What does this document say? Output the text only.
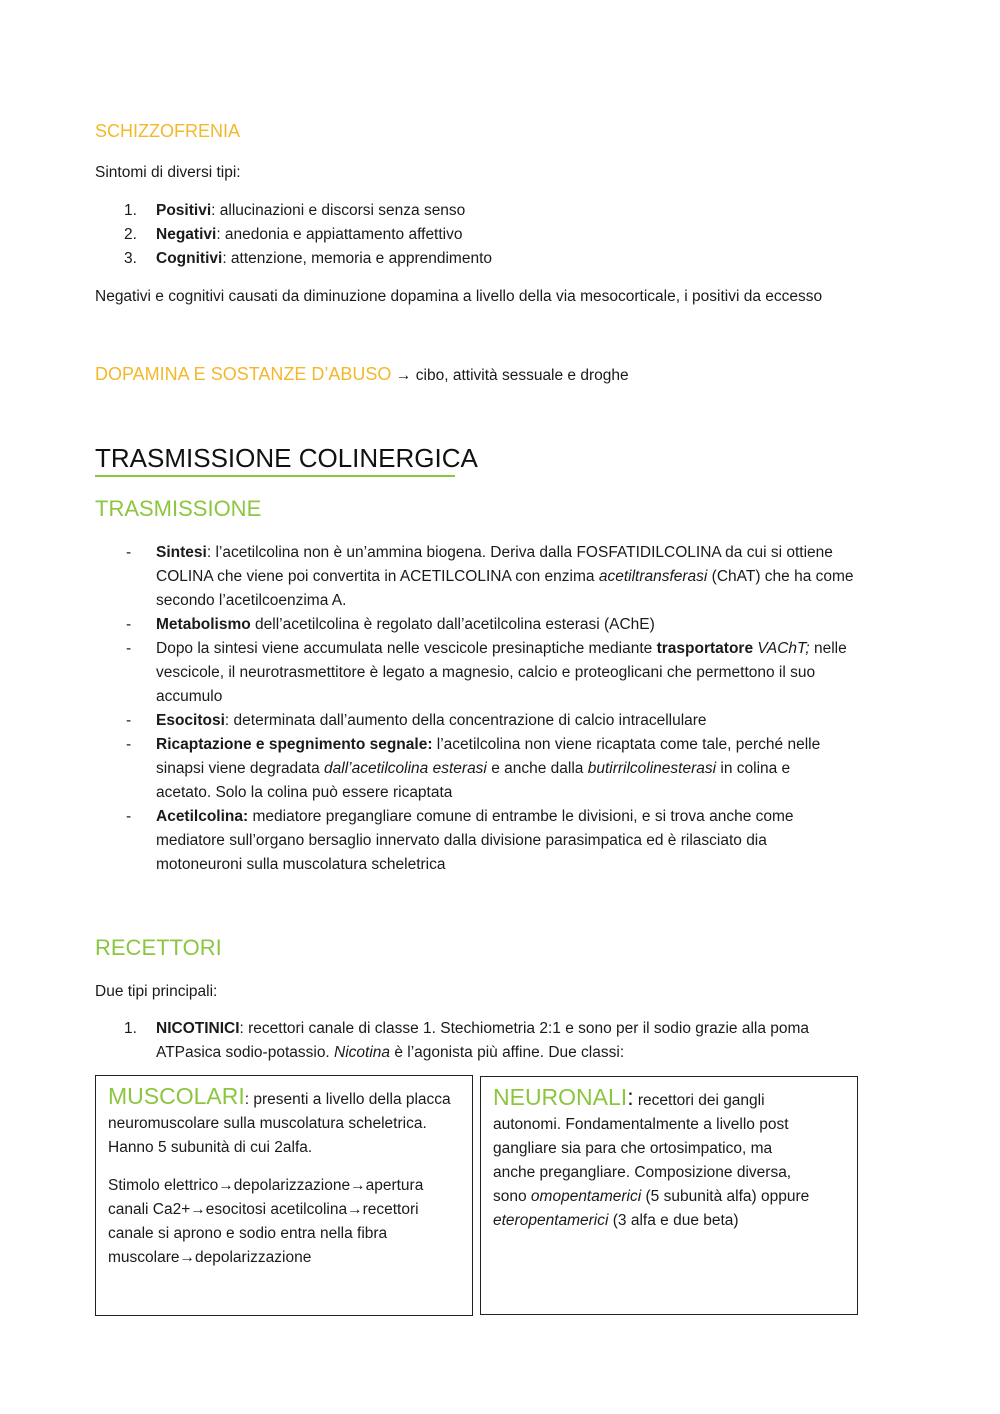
SCHIZZOFRENIA
Sintomi di diversi tipi:
1.	Positivi: allucinazioni e discorsi senza senso
2.	Negativi: anedonia e appiattamento affettivo
3.	Cognitivi: attenzione, memoria e apprendimento
Negativi e cognitivi causati da diminuzione dopamina a livello della via mesocorticale, i positivi da eccesso
DOPAMINA E SOSTANZE D’ABUSO → cibo, attività sessuale e droghe
TRASMISSIONE COLINERGICA
TRASMISSIONE
- Sintesi: l’acetilcolina non è un’ammina biogena. Deriva dalla FOSFATIDILCOLINA da cui si ottiene
COLINA che viene poi convertita in ACETILCOLINA con enzima acetiltransferasi (ChAT) che ha come
secondo l’acetilcoenzima A.
- Metabolismo dell’acetilcolina è regolato dall’acetilcolina esterasi (AChE)
- Dopo la sintesi viene accumulata nelle vescicole presinaptiche mediante trasportatore VAChT; nelle
vescicole, il neurotrasmettitore è legato a magnesio, calcio e proteoglicani che permettono il suo
accumulo
- Esocitosi: determinata dall’aumento della concentrazione di calcio intracellulare
- Ricaptazione e spegnimento segnale: l’acetilcolina non viene ricaptata come tale, perché nelle
sinapsi viene degradata dall’acetilcolina esterasi e anche dalla butirrilcolinesterasi in colina e
acetato. Solo la colina può essere ricaptata
- Acetilcolina: mediatore pregangliare comune di entrambe le divisioni, e si trova anche come
mediatore sull’organo bersaglio innervato dalla divisione parasimpatica ed è rilasciato dia
motoneuroni sulla muscolatura scheletrica
RECETTORI
Due tipi principali:
1.	NICOTINICI: recettori canale di classe 1. Stechiometria 2:1 e sono per il sodio grazie alla poma
ATPasica sodio-potassio. Nicotina è l’agonista più affine. Due classi:

MUSCOLARI: presenti a livello della placca

neuromuscolare sulla muscolatura scheletrica.

Hanno 5 subunità di cui 2alfa.

Stimolo elettrico→depolarizzazione→apertura canali Ca2+→esocitosi acetilcolina→recettori canale si aprono e sodio entra nella fibra muscolare→depolarizzazione

NEURONALI: recettori dei gangli

autonomi. Fondamentalmente a livello post

gangliare sia para che ortosimpatico, ma

anche pregangliare. Composizione diversa,

sono omopentamerici (5 subunità alfa) oppure

eteropentamerici (3 alfa e due beta)
